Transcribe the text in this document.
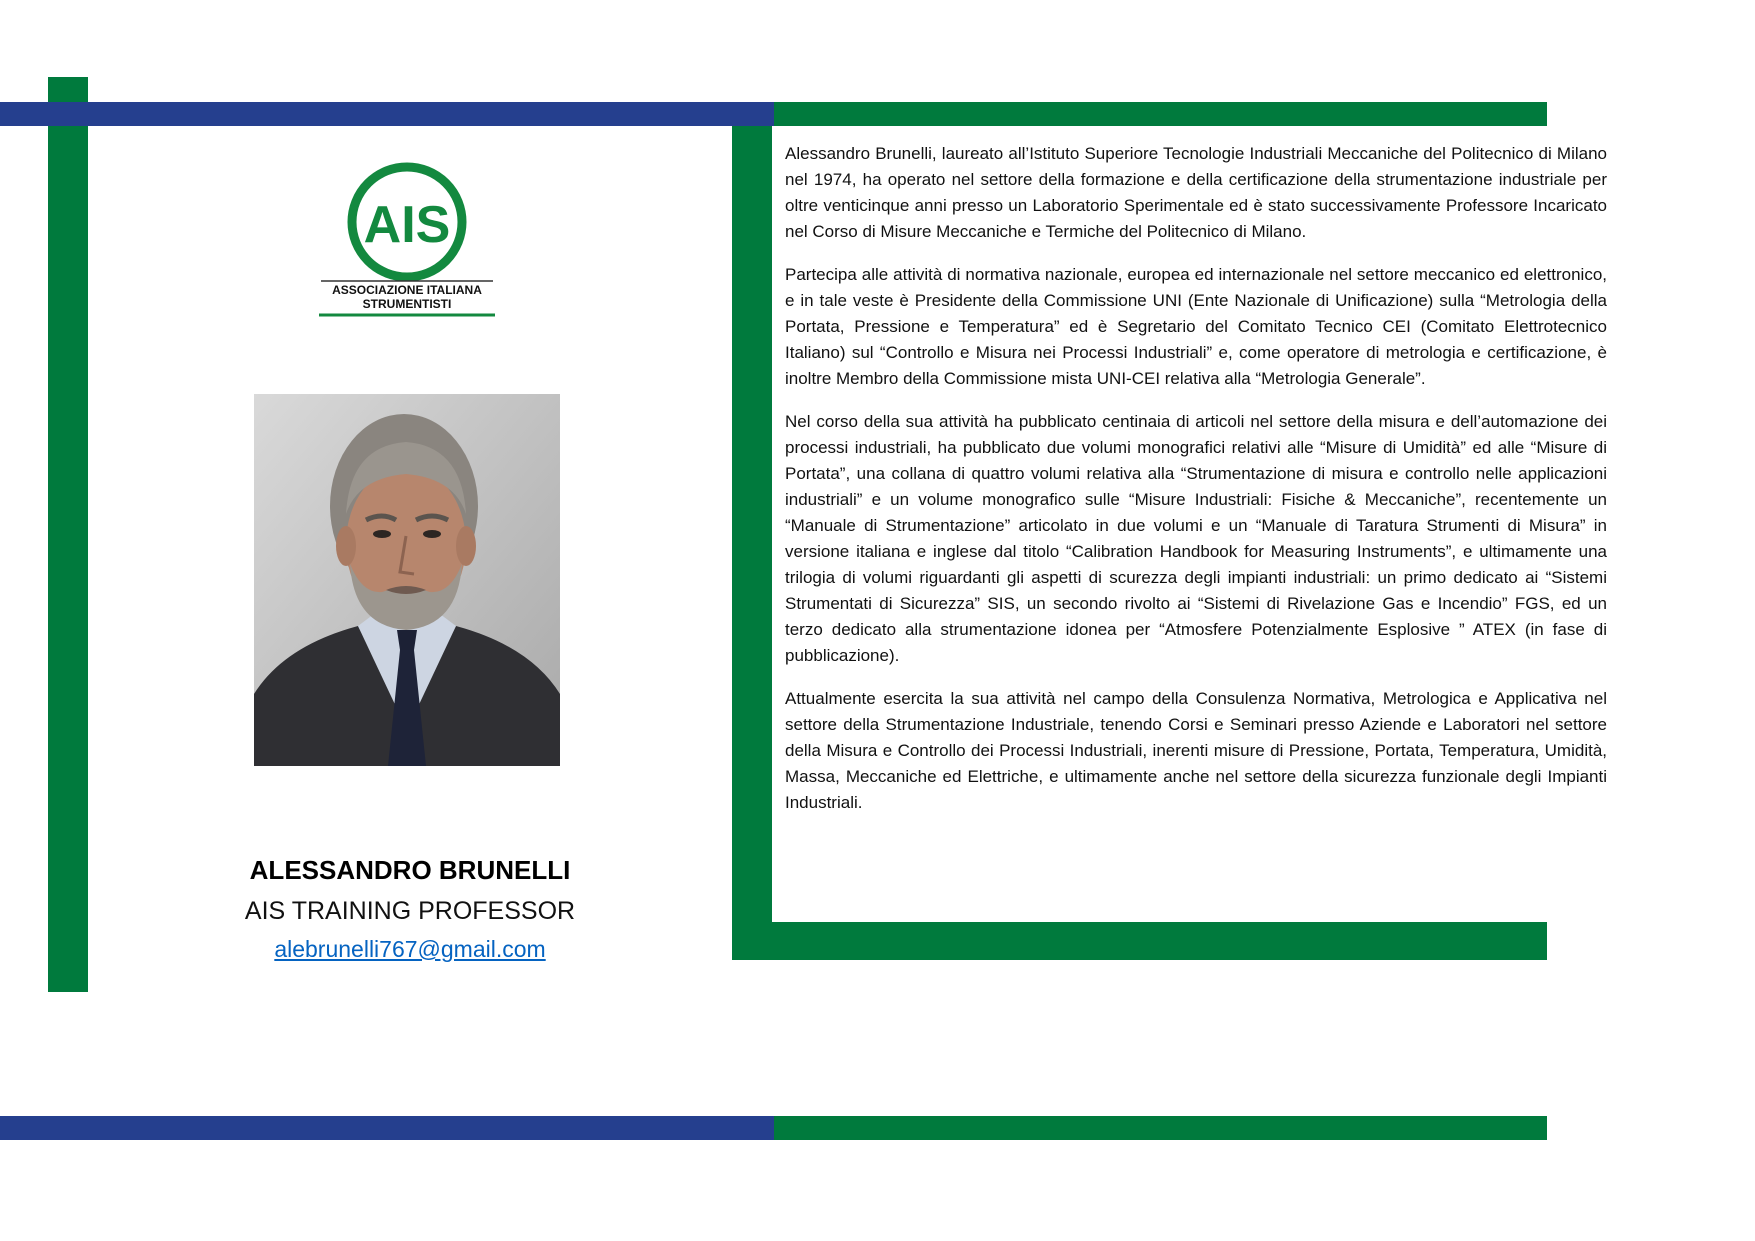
AIS
ASSOCIAZIONE ITALIANA
STRUMENTISTI
ALESSANDRO BRUNELLI
AIS TRAINING PROFESSOR
alebrunelli767@gmail.com

Alessandro Brunelli, laureato all’Istituto Superiore Tecnologie Industriali Meccaniche del Politecnico di Milano nel 1974, ha operato nel settore della formazione e della certificazione della strumentazione industriale per oltre venticinque anni presso un Laboratorio Sperimentale ed è stato successivamente Professore Incaricato nel Corso di Misure Meccaniche e Termiche del Politecnico di Milano.

Partecipa alle attività di normativa nazionale, europea ed internazionale nel settore meccanico ed elettronico, e in tale veste è Presidente della Commissione UNI (Ente Nazionale di Unificazione) sulla “Metrologia della Portata, Pressione e Temperatura” ed è Segretario del Comitato Tecnico CEI (Comitato Elettrotecnico Italiano) sul “Controllo e Misura nei Processi Industriali” e, come operatore di metrologia e certificazione, è inoltre Membro della Commissione mista UNI-CEI relativa alla “Metrologia Generale”.

Nel corso della sua attività ha pubblicato centinaia di articoli nel settore della misura e dell’automazione dei processi industriali, ha pubblicato due volumi monografici relativi alle “Misure di Umidità” ed alle “Misure di Portata”, una collana di quattro volumi relativa alla “Strumentazione di misura e controllo nelle applicazioni industriali” e un volume monografico sulle “Misure Industriali: Fisiche & Meccaniche”, recentemente un “Manuale di Strumentazione” articolato in due volumi e un “Manuale di Taratura Strumenti di Misura” in versione italiana e inglese dal titolo “Calibration Handbook for Measuring Instruments”, e ultimamente una trilogia di volumi riguardanti gli aspetti di scurezza degli impianti industriali: un primo dedicato ai “Sistemi Strumentati di Sicurezza” SIS, un secondo rivolto ai “Sistemi di Rivelazione Gas e Incendio” FGS, ed un terzo dedicato alla strumentazione idonea per “Atmosfere Potenzialmente Esplosive ” ATEX (in fase di pubblicazione).

Attualmente esercita la sua attività nel campo della Consulenza Normativa, Metrologica e Applicativa nel settore della Strumentazione Industriale, tenendo Corsi e Seminari presso Aziende e Laboratori nel settore della Misura e Controllo dei Processi Industriali, inerenti misure di Pressione, Portata, Temperatura, Umidità, Massa, Meccaniche ed Elettriche, e ultimamente anche nel settore della sicurezza funzionale degli Impianti Industriali.
